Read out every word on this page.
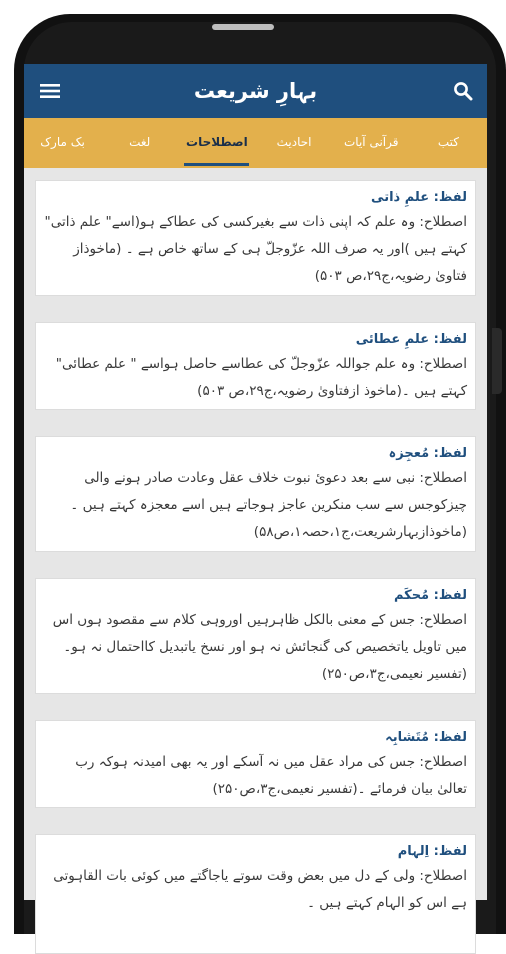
بہارِ شریعت
کتب
قرآنی آیات
احادیث
اصطلاحات
لغت
بک مارک
لفظ: علمِ ذاتی
اصطلاح: وہ علم کہ اپنی ذات سے بغیرکسی کی عطاکے ہو(اسے" علم ذاتی" کہتے ہیں )اور یہ صرف اللہ عزّوجلّ ہی کے ساتھ خاص ہے ۔ (ماخوذاز فتاویٰ رضویہ،ج۲۹،ص ۵۰۳)
لفظ: علمِ عطائی
اصطلاح: وہ علم جواللہ عزّوجلّ کی عطاسے حاصل ہواسے " علم عطائی" کہتے ہیں ۔(ماخوذ ازفتاویٰ رضویہ،ج۲۹،ص ۵۰۳)
لفظ: مُعجِزہ
اصطلاح: نبی سے بعد دعویٔ نبوت خلاف عقل وعادت صادر ہونے والی چیزکوجس سے سب منکرین عاجز ہوجاتے ہیں اسے معجزہ کہتے ہیں ۔ (ماخوذازبہارشریعت،ج۱،حصہ۱،ص۵۸)
لفظ: مُحکَم
اصطلاح: جس کے معنی بالکل ظاہرہیں اوروہی کلام سے مقصود ہوں اس میں تاویل یاتخصیص کی گنجائش نہ ہو اور نسخ یاتبدیل کااحتمال نہ ہو۔ (تفسیر نعیمی،ج۳،ص۲۵۰)
لفظ: مُتَشابِہ
اصطلاح: جس کی مراد عقل میں نہ آسکے اور یہ بھی امیدنہ ہوکہ رب تعالیٰ بیان فرمائے ۔(تفسیر نعیمی،ج۳،ص۲۵۰)
لفظ: اِلہام
اصطلاح: ولی کے دل میں بعض وقت سوتے یاجاگتے میں کوئی بات القاہوتی ہے اس کو الہام کہتے ہیں ۔
